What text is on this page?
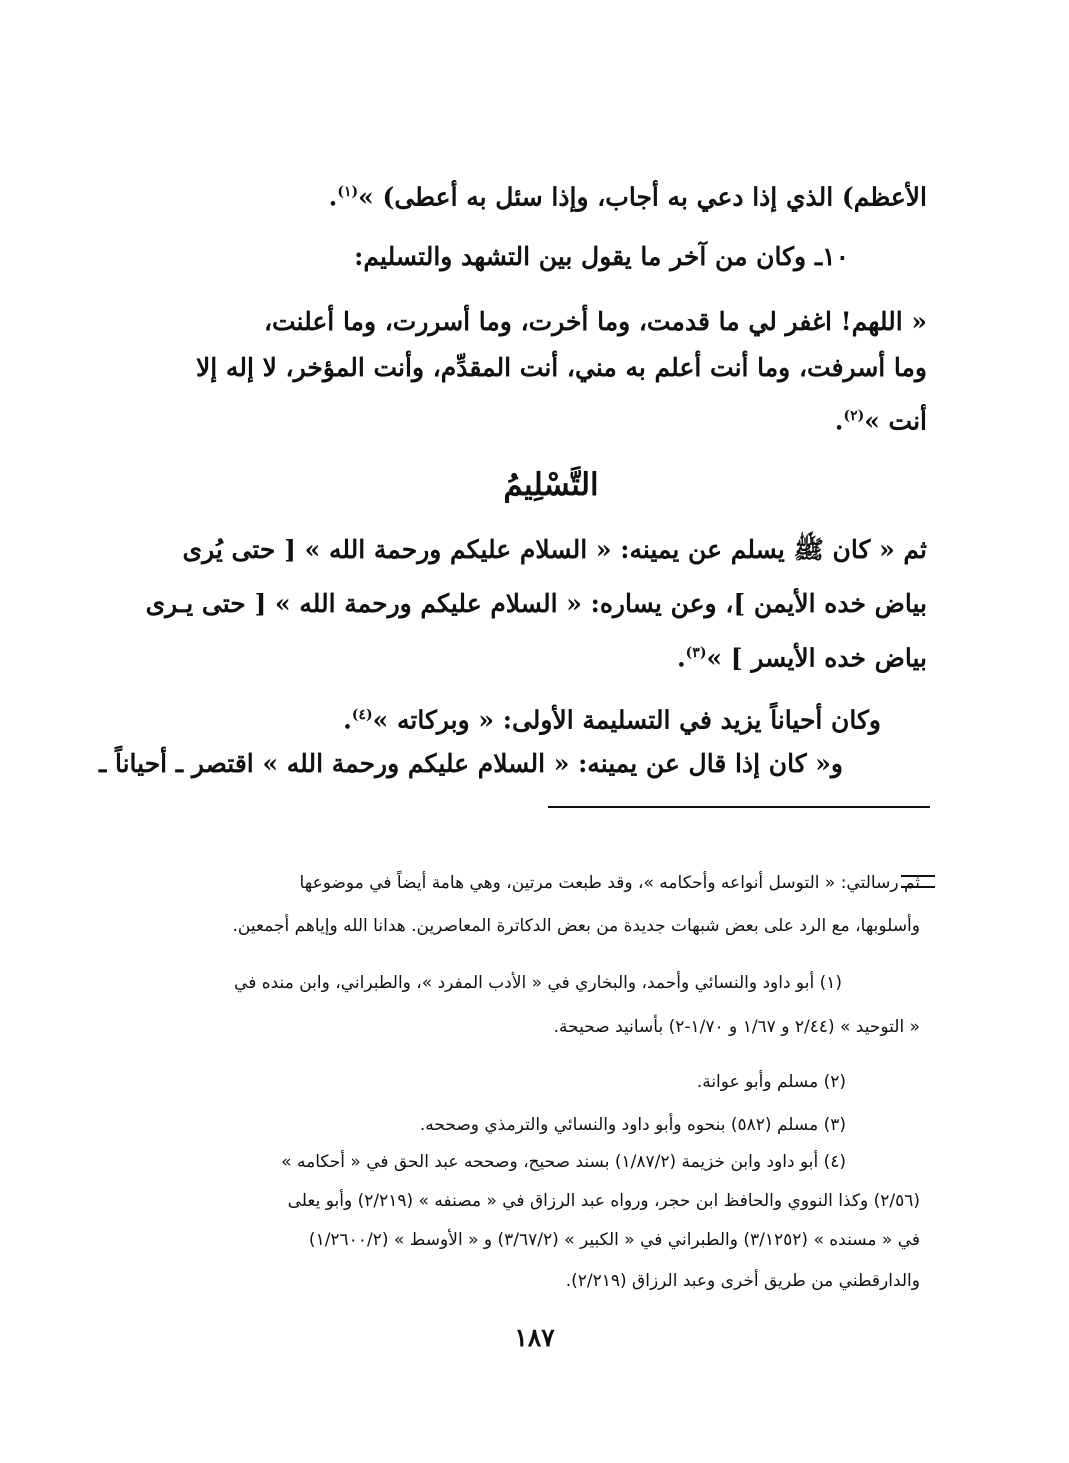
الأعظم) الذي إذا دعي به أجاب، وإذا سئل به أعطى) »$^{(١)}$.
١٠ـ وكان من آخر ما يقول بين التشهد والتسليم:
« اللهم! اغفر لي ما قدمت، وما أخرت، وما أسررت، وما أعلنت،
وما أسرفت، وما أنت أعلم به مني، أنت المقدِّم، وأنت المؤخر، لا إله إلا
أنت »$^{(٢)}$.
التَّسْلِيمُ
ثم « كان ﷺ يسلم عن يمينه: « السلام عليكم ورحمة الله » [ حتى يُرى
بياض خده الأيمن ]، وعن يساره: « السلام عليكم ورحمة الله » [ حتى يـرى
بياض خده الأيسر ] »$^{(٣)}$.
وكان أحياناً يزيد في التسليمة الأولى: « وبركاته »$^{(٤)}$.
و« كان إذا قال عن يمينه: « السلام عليكم ورحمة الله » اقتصر ـ أحياناً ـ
ثم رسالتي: « التوسل أنواعه وأحكامه »، وقد طبعت مرتين، وهي هامة أيضاً في موضوعها
وأسلوبها، مع الرد على بعض شبهات جديدة من بعض الدكاترة المعاصرين. هدانا الله وإياهم أجمعين.
(١) أبو داود والنسائي وأحمد، والبخاري في « الأدب المفرد »، والطبراني، وابن منده في
« التوحيد » (٢/٤٤ و ١/٦٧ و ١/٧٠-٢) بأسانيد صحيحة.
(٢) مسلم وأبو عوانة.
(٣) مسلم (٥٨٢) بنحوه وأبو داود والنسائي والترمذي وصححه.
(٤) أبو داود وابن خزيمة (١/٨٧/٢) بسند صحيح، وصححه عبد الحق في « أحكامه »
(٢/٥٦) وكذا النووي والحافظ ابن حجر، ورواه عبد الرزاق في « مصنفه » (٢/٢١٩) وأبو يعلى
في « مسنده » (٣/١٢٥٢) والطبراني في « الكبير » (٣/٦٧/٢) و « الأوسط » (١/٢٦٠٠/٢)
والدارقطني من طريق أخرى وعبد الرزاق (٢/٢١٩).
١٨٧
